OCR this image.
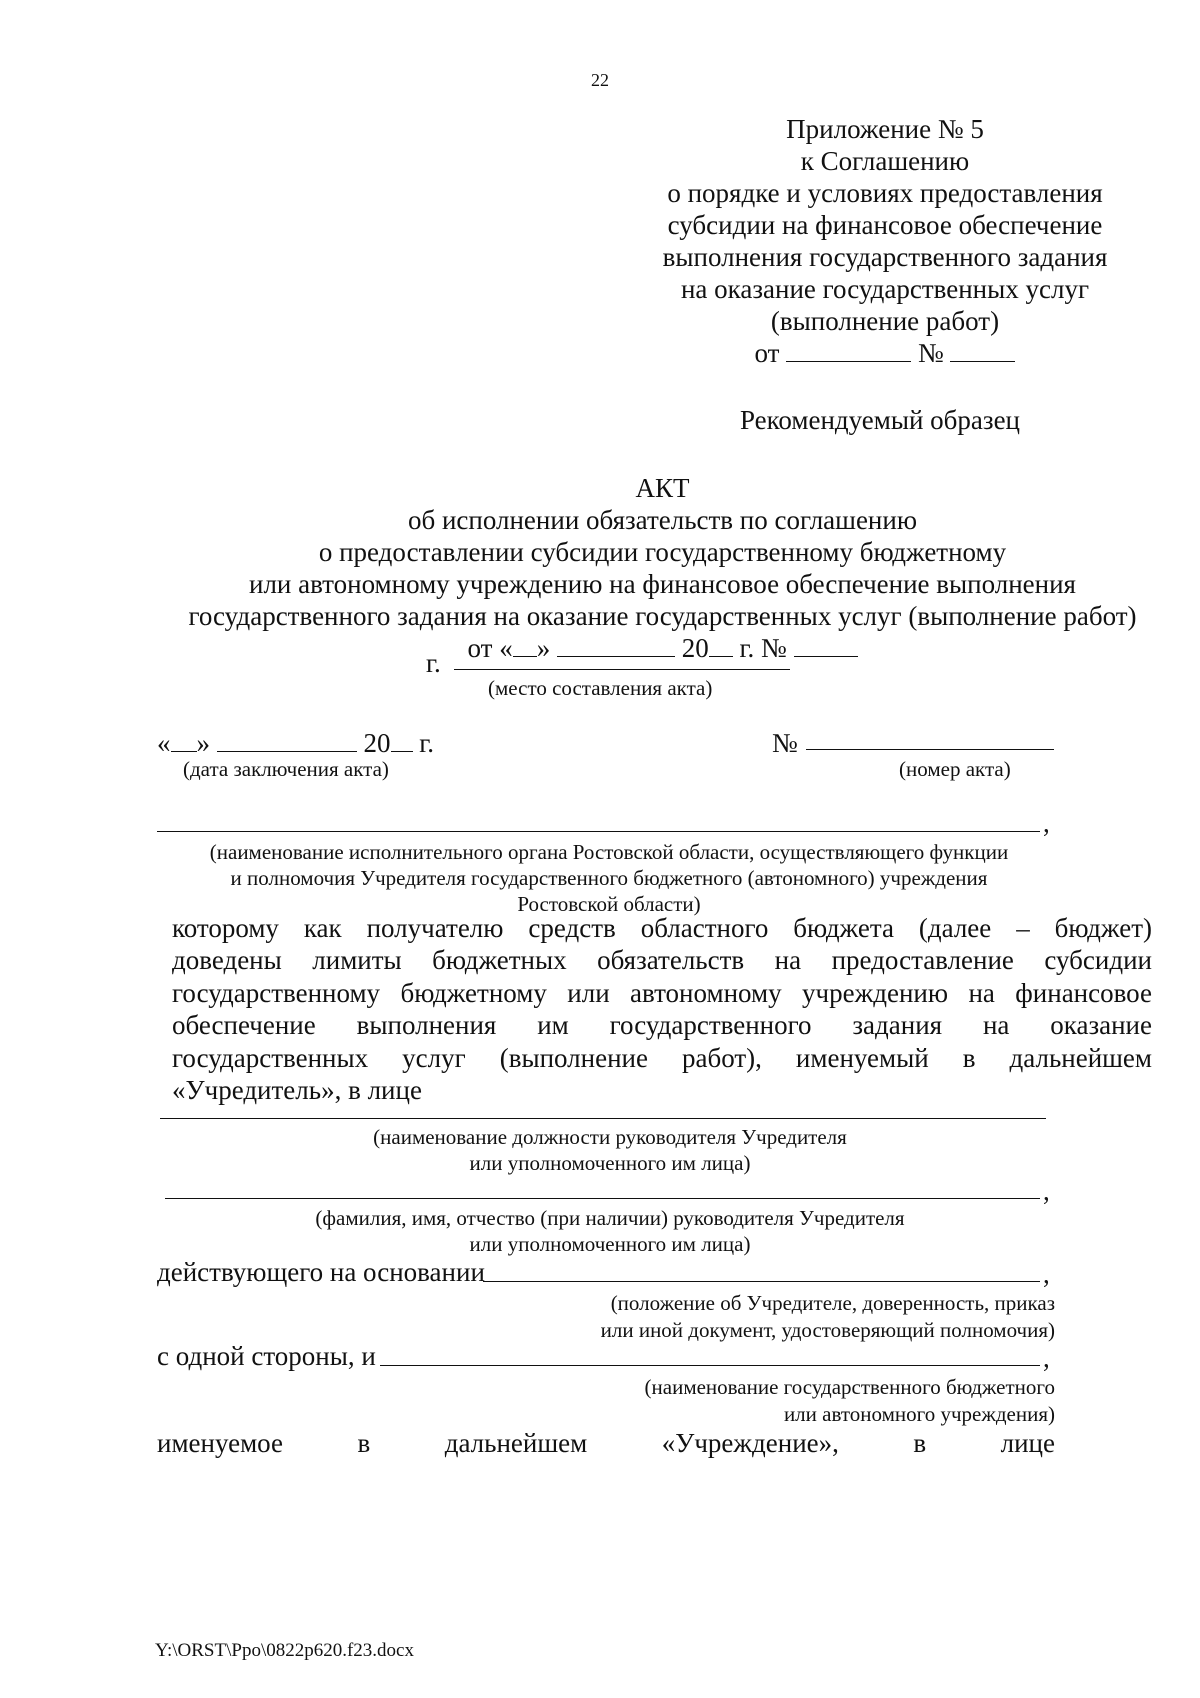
22
Приложение № 5
к Соглашению
о порядке и условиях предоставления
субсидии на финансовое обеспечение
выполнения государственного задания
на оказание государственных услуг
(выполнение работ)
от	№
Рекомендуемый образец
АКТ
об исполнении обязательств по соглашению
о предоставлении субсидии государственному бюджетному
или автономному учреждению на финансовое обеспечение выполнения
государственного задания на оказание государственных услуг (выполнение работ)
от « »	20 г. №
г.
(место составления акта)
« »	20 г.
(дата заключения акта)
№
(номер акта)
,
(наименование исполнительного органа Ростовской области, осуществляющего функции
и полномочия Учредителя государственного бюджетного (автономного) учреждения
Ростовской области)
которому как получателю средств областного бюджета (далее – бюджет)
доведены лимиты бюджетных обязательств на предоставление субсидии
государственному бюджетному или автономному учреждению на финансовое
обеспечение выполнения им государственного задания на оказание
государственных услуг (выполнение работ), именуемый в дальнейшем
«Учредитель», в лице
(наименование должности руководителя Учредителя
или уполномоченного им лица)
,
(фамилия, имя, отчество (при наличии) руководителя Учредителя
или уполномоченного им лица)
действующего на основании	,
(положение об Учредителе, доверенность, приказ
или иной документ, удостоверяющий полномочия)
с одной стороны, и	,
(наименование государственного бюджетного
или автономного учреждения)
именуемое	в	дальнейшем	«Учреждение»,	в	лице
Y:\ORST\Ppo\0822p620.f23.docx
